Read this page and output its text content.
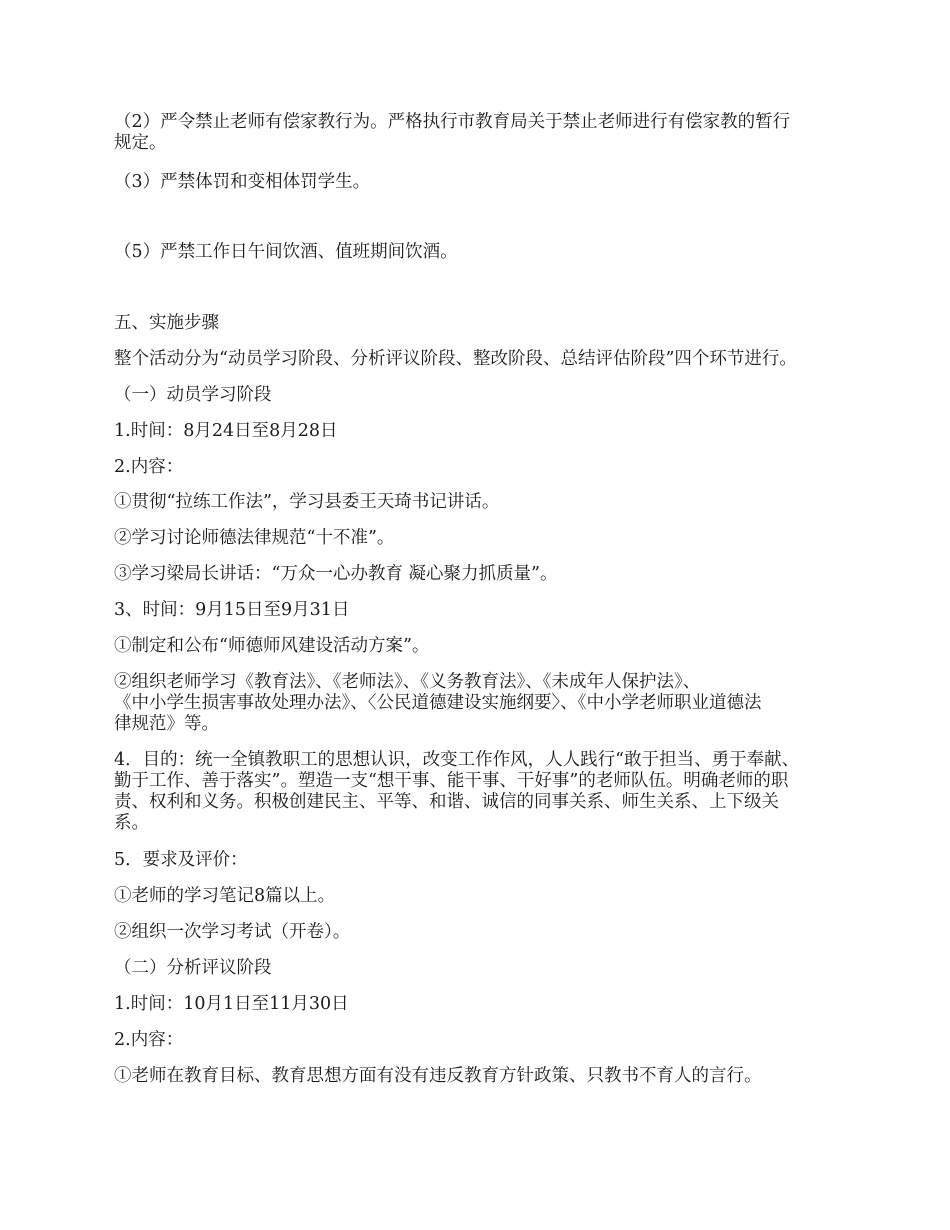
（2）严令禁止老师有偿家教行为。严格执行市教育局关于禁止老师进行有偿家教的暂行
规定。
（3）严禁体罚和变相体罚学生。
（5）严禁工作日午间饮酒、值班期间饮酒。
五、实施步骤
整个活动分为“动员学习阶段、分析评议阶段、整改阶段、总结评估阶段”四个环节进行。
（一）动员学习阶段
1.时间：8月24日至8月28日
2.内容：
①贯彻“拉练工作法”，学习县委王天琦书记讲话。
②学习讨论师德法律规范“十不准”。
③学习梁局长讲话：“万众一心办教育 凝心聚力抓质量”。
3、时间：9月15日至9月31日
①制定和公布“师德师风建设活动方案”。
②组织老师学习《教育法》、《老师法》、《义务教育法》、《未成年人保护法》、
《中小学生损害事故处理办法》、〈公民道德建设实施纲要〉、《中小学老师职业道德法
律规范》等。
4．目的：统一全镇教职工的思想认识，改变工作作风，人人践行“敢于担当、勇于奉献、
勤于工作、善于落实”。塑造一支“想干事、能干事、干好事”的老师队伍。明确老师的职
责、权利和义务。积极创建民主、平等、和谐、诚信的同事关系、师生关系、上下级关
系。
5．要求及评价：
①老师的学习笔记8篇以上。
②组织一次学习考试（开卷）。
（二）分析评议阶段
1.时间：10月1日至11月30日
2.内容：
①老师在教育目标、教育思想方面有没有违反教育方针政策、只教书不育人的言行。
